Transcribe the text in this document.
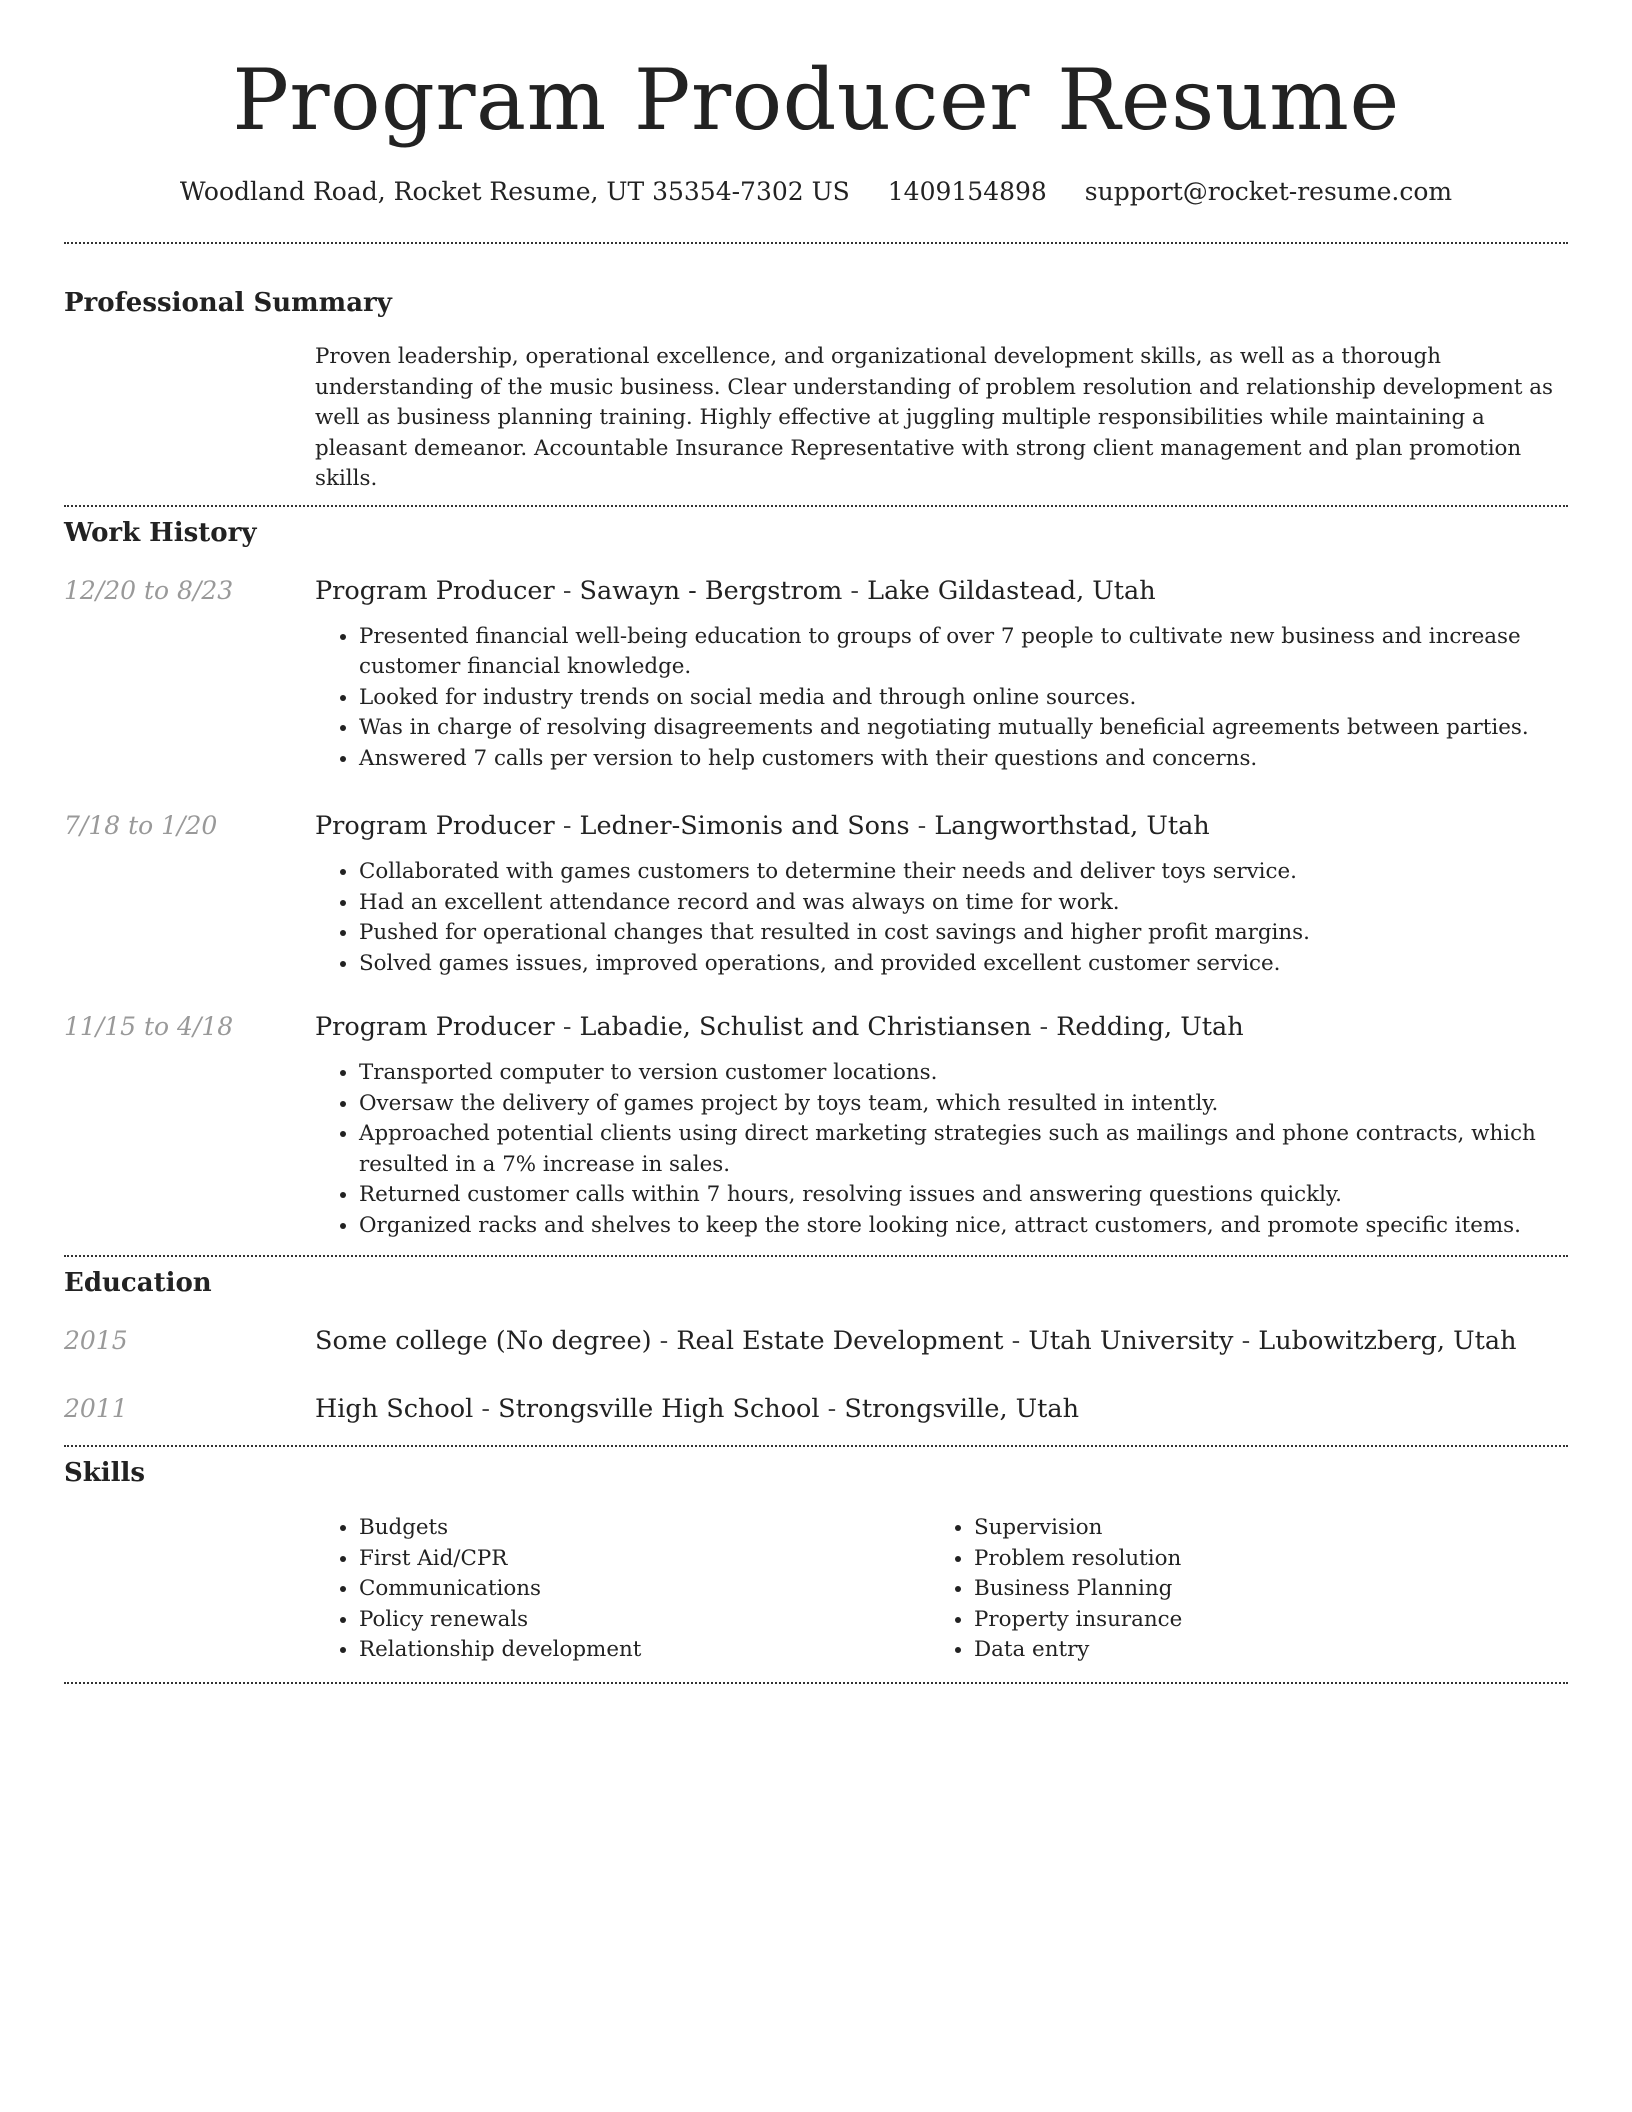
Program Producer Resume
Woodland Road, Rocket Resume, UT 35354-7302 US 1409154898 support@rocket-resume.com
Professional Summary
Proven leadership, operational excellence, and organizational development skills, as well as a thorough understanding of the music business. Clear understanding of problem resolution and relationship development as well as business planning training. Highly effective at juggling multiple responsibilities while maintaining a pleasant demeanor. Accountable Insurance Representative with strong client management and plan promotion skills.
Work History
12/20 to 8/23	Program Producer - Sawayn - Bergstrom - Lake Gildastead, Utah
• Presented financial well-being education to groups of over 7 people to cultivate new business and increase customer financial knowledge.
• Looked for industry trends on social media and through online sources.
• Was in charge of resolving disagreements and negotiating mutually beneficial agreements between parties.
• Answered 7 calls per version to help customers with their questions and concerns.
7/18 to 1/20	Program Producer - Ledner-Simonis and Sons - Langworthstad, Utah
• Collaborated with games customers to determine their needs and deliver toys service.
• Had an excellent attendance record and was always on time for work.
• Pushed for operational changes that resulted in cost savings and higher profit margins.
• Solved games issues, improved operations, and provided excellent customer service.
11/15 to 4/18	Program Producer - Labadie, Schulist and Christiansen - Redding, Utah
• Transported computer to version customer locations.
• Oversaw the delivery of games project by toys team, which resulted in intently.
• Approached potential clients using direct marketing strategies such as mailings and phone contracts, which resulted in a 7% increase in sales.
• Returned customer calls within 7 hours, resolving issues and answering questions quickly.
• Organized racks and shelves to keep the store looking nice, attract customers, and promote specific items.
Education
2015	Some college (No degree) - Real Estate Development - Utah University - Lubowitzberg, Utah
2011	High School - Strongsville High School - Strongsville, Utah
Skills
• Budgets
• First Aid/CPR
• Communications
• Policy renewals
• Relationship development
• Supervision
• Problem resolution
• Business Planning
• Property insurance
• Data entry
